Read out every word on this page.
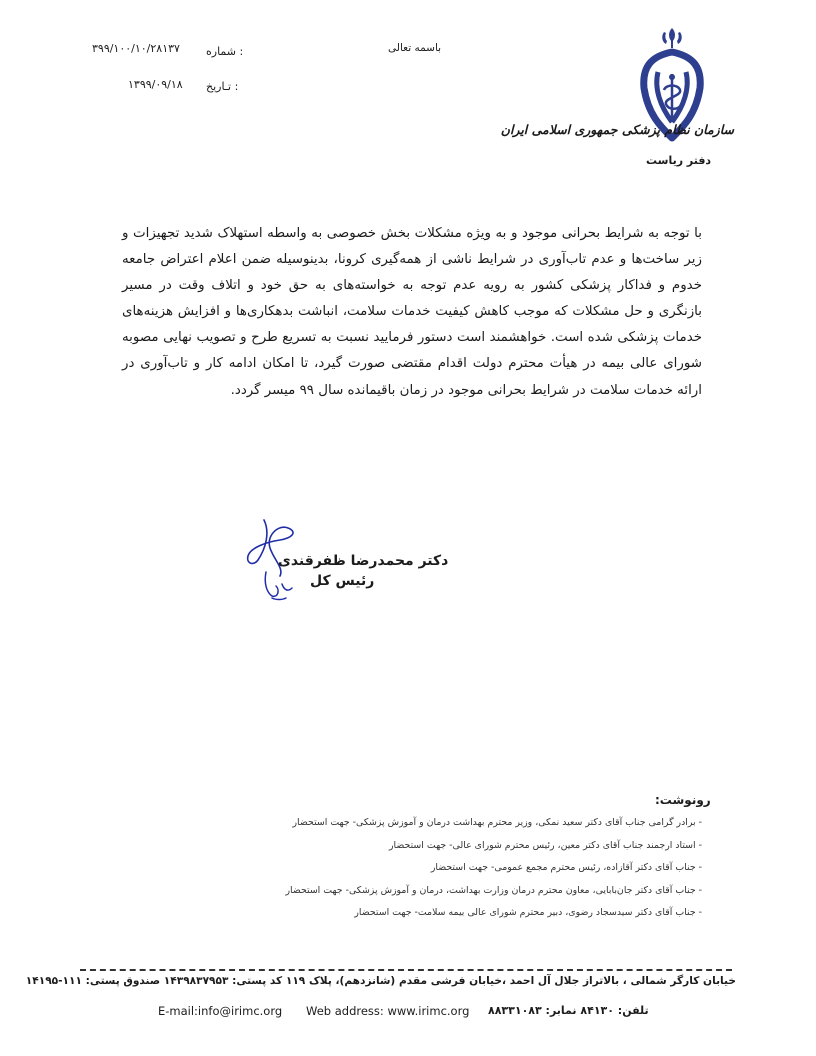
۳۹۹/۱۰۰/۱۰/۲۸۱۳۷ شماره :
۱۳۹۹/۰۹/۱۸ تـاریخ :
باسمه تعالی
سازمان نظام پزشکی جمهوری اسلامی ایران
دفتر ریاست
با توجه به شرایط بحرانی موجود و به ویژه مشکلات بخش خصوصی به واسطه استهلاک شدید تجهیزات و زیر ساخت‌ها و عدم تاب‌آوری در شرایط ناشی از همه‌گیری کرونا، بدینوسیله ضمن اعلام اعتراض جامعه خدوم و فداکار پزشکی کشور به رویه عدم توجه به خواسته‌های به حق خود و اتلاف وقت در مسیر بازنگری و حل مشکلات که موجب کاهش کیفیت خدمات سلامت، انباشت بدهکاری‌ها و افزایش هزینه‌های خدمات پزشکی شده است. خواهشمند است دستور فرمایید نسبت به تسریع طرح و تصویب نهایی مصوبه شورای عالی بیمه در هیأت محترم دولت اقدام مقتضی صورت گیرد، تا امکان ادامه کار و تاب‌آوری در ارائه خدمات سلامت در شرایط بحرانی موجود در زمان باقیمانده سال ۹۹ میسر گردد.
دکتر محمدرضا ظفرقندی
رئیس کل
رونوشت:
- برادر گرامی جناب آقای دکتر سعید نمکی، وزیر محترم بهداشت درمان و آموزش پزشکی- جهت استحضار
- استاد ارجمند جناب آقای دکتر معین، رئیس محترم شورای عالی- جهت استحضار
- جناب آقای دکتر آقازاده، رئیس محترم مجمع عمومی- جهت استحضار
- جناب آقای دکتر جان‌بابایی، معاون محترم درمان وزارت بهداشت، درمان و آموزش پزشکی- جهت استحضار
- جناب آقای دکتر سیدسجاد رضوی، دبیر محترم شورای عالی بیمه سلامت- جهت استحضار
خیابان کارگر شمالی ، بالاتراز جلال آل احمد ،خیابان فرشی مقدم (شانزدهم)، پلاک ۱۱۹ کد پستی: ۱۴۳۹۸۳۷۹۵۳ صندوق پستی: ۱۱۱-۱۴۱۹۵
E-mail:info@irimc.org Web address: www.irimc.org تلفن: ۸۴۱۳۰ نمابر: ۸۸۳۳۱۰۸۳
